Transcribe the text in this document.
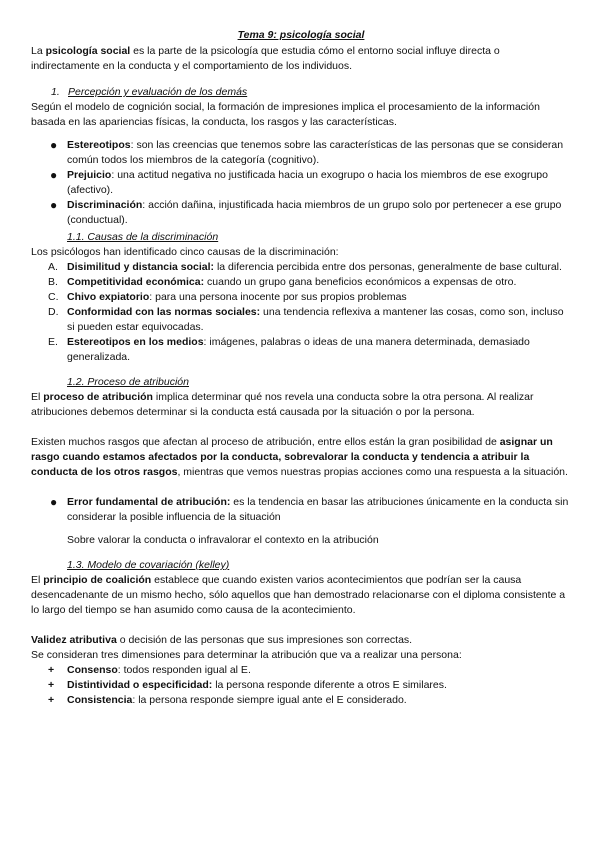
Tema 9: psicología social

La psicología social es la parte de la psicología que estudia cómo el entorno social influye directa o indirectamente en la conducta y el comportamiento de los individuos.

1. Percepción y evaluación de los demás

Según el modelo de cognición social, la formación de impresiones implica el procesamiento de la información basada en las apariencias físicas, la conducta, los rasgos y las características.

● Estereotipos: son las creencias que tenemos sobre las características de las personas que se consideran común todos los miembros de la categoría (cognitivo).
● Prejuicio: una actitud negativa no justificada hacia un exogrupo o hacia los miembros de ese exogrupo (afectivo).
● Discriminación: acción dañina, injustificada hacia miembros de un grupo solo por pertenecer a ese grupo (conductual).

1.1. Causas de la discriminación

Los psicólogos han identificado cinco causas de la discriminación:

A. Disimilitud y distancia social: la diferencia percibida entre dos personas, generalmente de base cultural.
B. Competitividad económica: cuando un grupo gana beneficios económicos a expensas de otro.
C. Chivo expiatorio: para una persona inocente por sus propios problemas
D. Conformidad con las normas sociales: una tendencia reflexiva a mantener las cosas, como son, incluso si pueden estar equivocadas.
E. Estereotipos en los medios: imágenes, palabras o ideas de una manera determinada, demasiado generalizada.

1.2. Proceso de atribución

El proceso de atribución implica determinar qué nos revela una conducta sobre la otra persona. Al realizar atribuciones debemos determinar si la conducta está causada por la situación o por la persona.

Existen muchos rasgos que afectan al proceso de atribución, entre ellos están la gran posibilidad de asignar un rasgo cuando estamos afectados por la conducta, sobrevalorar la conducta y tendencia a atribuir la conducta de los otros rasgos, mientras que vemos nuestras propias acciones como una respuesta a la situación.

● Error fundamental de atribución: es la tendencia en basar las atribuciones únicamente en la conducta sin considerar la posible influencia de la situación

Sobre valorar la conducta o infravalorar el contexto en la atribución

1.3. Modelo de covariación (kelley)

El principio de coalición establece que cuando existen varios acontecimientos que podrían ser la causa desencadenante de un mismo hecho, sólo aquellos que han demostrado relacionarse con el diploma consistente a lo largo del tiempo se han asumido como causa de la acontecimiento.

Validez atributiva o decisión de las personas que sus impresiones son correctas.

Se consideran tres dimensiones para determinar la atribución que va a realizar una persona:

+ Consenso: todos responden igual al E.
+ Distintividad o especificidad: la persona responde diferente a otros E similares.
+ Consistencia: la persona responde siempre igual ante el E considerado.
